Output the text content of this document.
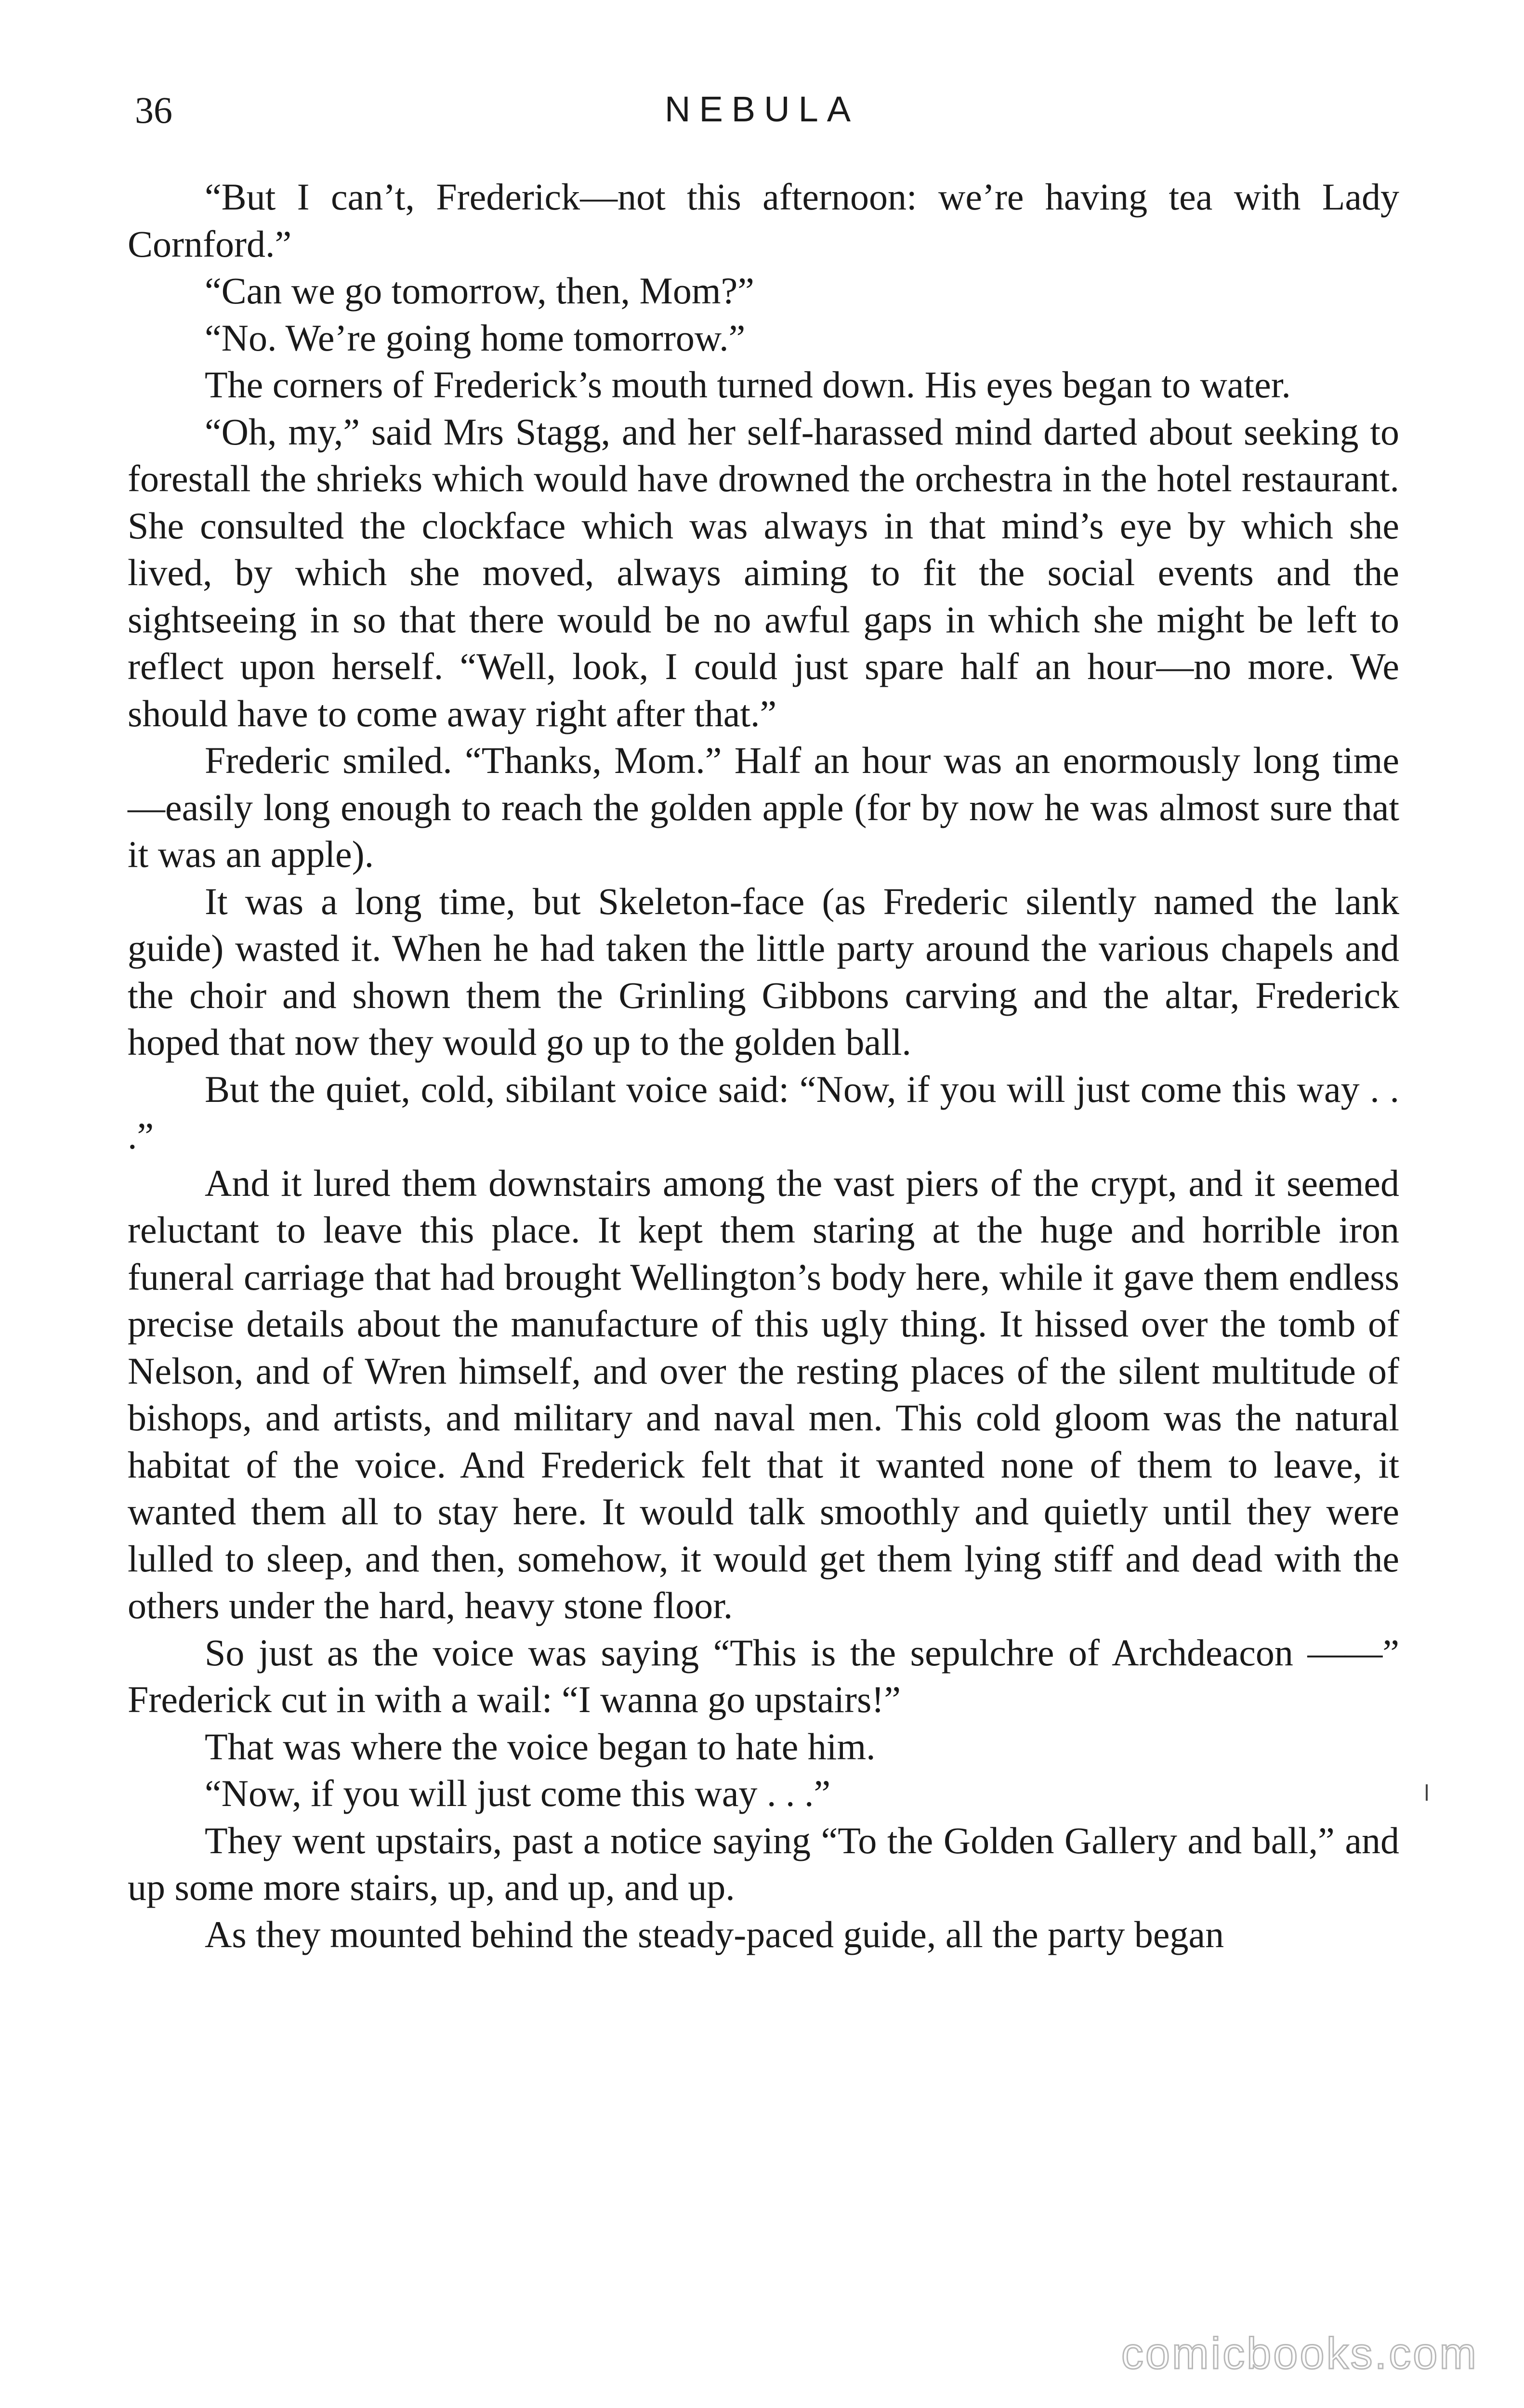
36	NEBULA

“But I can’t, Frederick—not this afternoon: we’re having tea with Lady Cornford.”

“Can we go tomorrow, then, Mom?”

“No. We’re going home tomorrow.”

The corners of Frederick’s mouth turned down. His eyes began to water.

“Oh, my,” said Mrs Stagg, and her self-harassed mind darted about seeking to forestall the shrieks which would have drowned the orchestra in the hotel restaurant. She consulted the clockface which was always in that mind’s eye by which she lived, by which she moved, always aiming to fit the social events and the sightseeing in so that there would be no awful gaps in which she might be left to reflect upon herself. “Well, look, I could just spare half an hour—no more. We should have to come away right after that.”

Frederic smiled. “Thanks, Mom.” Half an hour was an enormously long time—easily long enough to reach the golden apple (for by now he was almost sure that it was an apple).

It was a long time, but Skeleton-face (as Frederic silently named the lank guide) wasted it. When he had taken the little party around the various chapels and the choir and shown them the Grinling Gibbons carving and the altar, Frederick hoped that now they would go up to the golden ball.

But the quiet, cold, sibilant voice said: “Now, if you will just come this way . . .”

And it lured them downstairs among the vast piers of the crypt, and it seemed reluctant to leave this place. It kept them staring at the huge and horrible iron funeral carriage that had brought Wellington’s body here, while it gave them endless precise details about the manufacture of this ugly thing. It hissed over the tomb of Nelson, and of Wren himself, and over the resting places of the silent multitude of bishops, and artists, and military and naval men. This cold gloom was the natural habitat of the voice. And Frederick felt that it wanted none of them to leave, it wanted them all to stay here. It would talk smoothly and quietly until they were lulled to sleep, and then, somehow, it would get them lying stiff and dead with the others under the hard, heavy stone floor.

So just as the voice was saying “This is the sepulchre of Archdeacon ——” Frederick cut in with a wail: “I wanna go upstairs!”

That was where the voice began to hate him.

“Now, if you will just come this way . . .”

They went upstairs, past a notice saying “To the Golden Gallery and ball,” and up some more stairs, up, and up, and up.

As they mounted behind the steady-paced guide, all the party began

comicbooks.com
